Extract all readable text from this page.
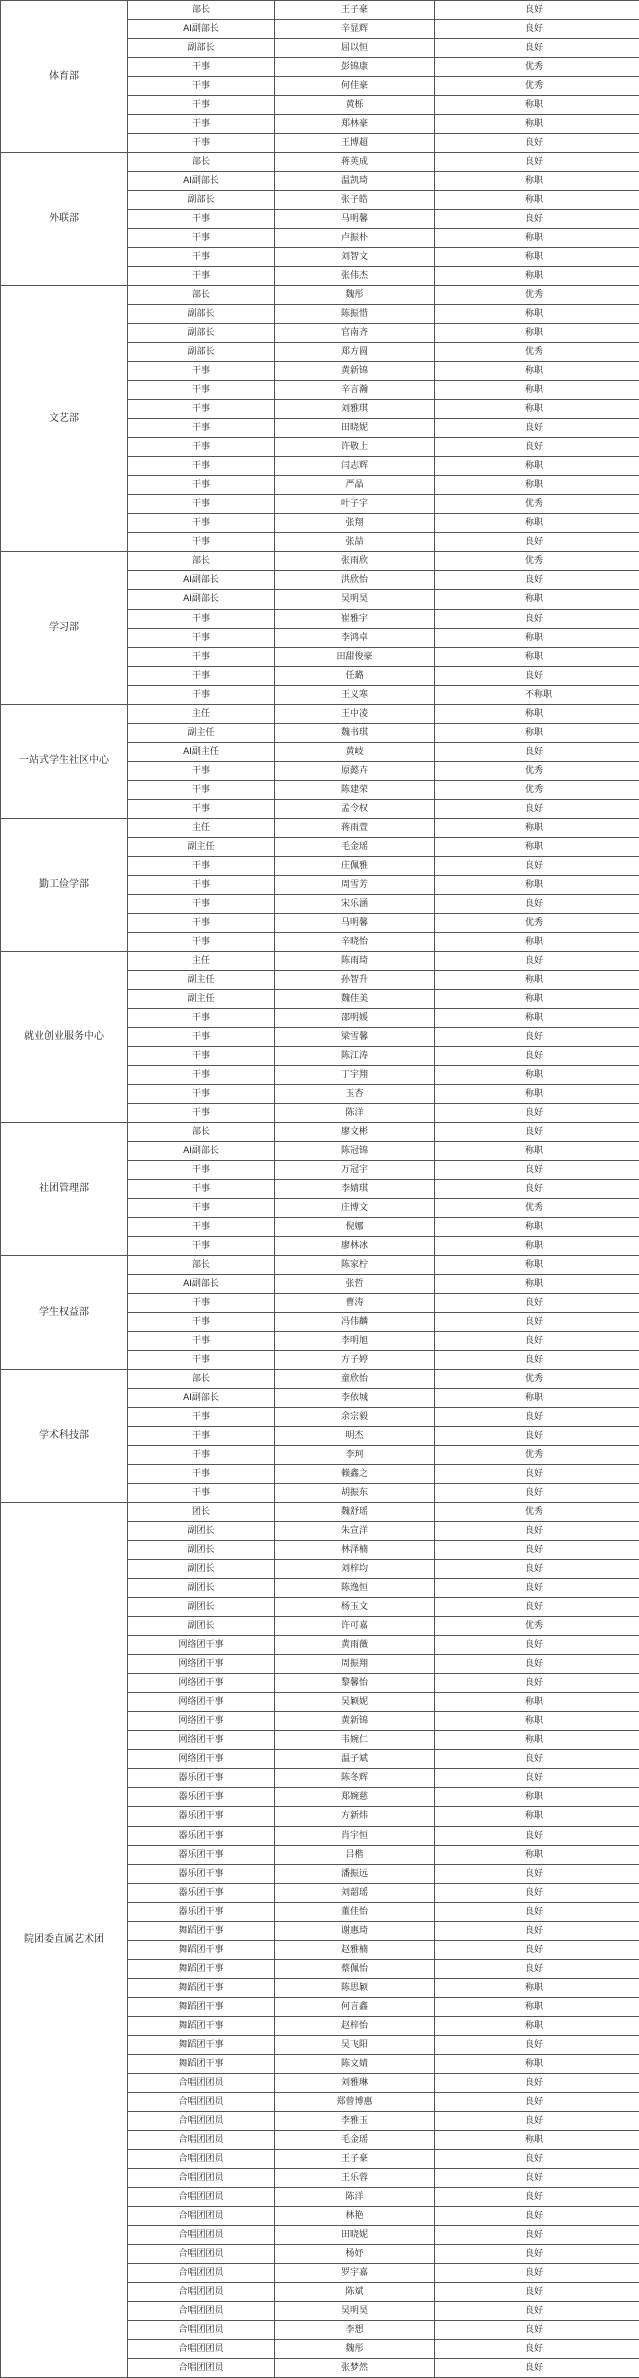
体育部	部长	王子豪	良好
	AI副部长	辛显辉	良好
	副部长	屈以恒	良好
	干事	彭锦康	优秀
	干事	何佳豪	优秀
	干事	黄栎	称职
	干事	郑林豪	称职
	干事	王博超	良好
外联部	部长	蒋英成	良好
	AI副部长	温凯琦	称职
	副部长	张子皓	称职
	干事	马明馨	良好
	干事	卢振朴	称职
	干事	刘智文	称职
	干事	张伟杰	称职
文艺部	部长	魏彤	优秀
	副部长	陈振惜	称职
	副部长	官南齐	称职
	副部长	郑方圆	优秀
	干事	黄新锦	称职
	干事	辛言瀚	称职
	干事	刘雅琪	称职
	干事	田晓妮	良好
	干事	许敬上	良好
	干事	闫志辉	称职
	干事	严晶	称职
	干事	叶子宇	优秀
	干事	张翔	称职
	干事	张喆	良好
学习部	部长	张雨欣	优秀
	AI副部长	洪欣怡	良好
	AI副部长	吴明昊	称职
	干事	崔雅宇	良好
	干事	李鸿卓	称职
	干事	田甜俊豪	称职
	干事	任璐	良好
	干事	王义寒	不称职
一站式学生社区中心	主任	王中凌	称职
	副主任	魏书琪	称职
	AI副主任	黄岐	良好
	干事	原懿卉	优秀
	干事	陈建荣	优秀
	干事	孟令权	良好
勤工俭学部	主任	蒋雨萱	称职
	副主任	毛金瑶	称职
	干事	庄佩雅	良好
	干事	周雪芳	称职
	干事	宋乐涵	良好
	干事	马明馨	优秀
	干事	辛晓怡	称职
就业创业服务中心	主任	陈雨琦	良好
	副主任	孙智升	称职
	副主任	魏佳美	称职
	干事	邵明媛	称职
	干事	梁雪馨	良好
	干事	陈江涛	良好
	干事	丁宇翔	称职
	干事	玉杏	称职
	干事	陈洋	良好
社团管理部	部长	廖文彬	良好
	AI副部长	陈冠锦	称职
	干事	万冠宇	良好
	干事	李婧琪	良好
	干事	庄博文	优秀
	干事	倪娜	称职
	干事	廖林冰	称职
学生权益部	部长	陈家柠	称职
	AI副部长	张哲	称职
	干事	曹涛	良好
	干事	冯伟麟	良好
	干事	李明旭	良好
	干事	方子婷	良好
学术科技部	部长	童欣怡	优秀
	AI副部长	李依城	称职
	干事	余宗毅	良好
	干事	明杰	良好
	干事	李珂	优秀
	干事	赖鑫之	良好
	干事	胡振东	良好
院团委直属艺术团	团长	魏舒瑶	优秀
	副团长	朱宣洋	良好
	副团长	林泽楠	良好
	副团长	刘梓均	良好
	副团长	陈逸恒	良好
	副团长	杨玉文	良好
	副团长	许可嘉	优秀
	网络团干事	黄雨薇	良好
	网络团干事	周振翔	良好
	网络团干事	黎馨怡	良好
	网络团干事	吴颖妮	称职
	网络团干事	黄新锦	称职
	网络团干事	韦婉仁	称职
	网络团干事	温子斌	良好
	器乐团干事	陈冬辉	良好
	器乐团干事	郑婉慈	称职
	器乐团干事	方新炜	称职
	器乐团干事	肖宇恒	良好
	器乐团干事	吕楷	称职
	器乐团干事	潘振远	良好
	器乐团干事	刘韶瑶	良好
	器乐团干事	董佳怡	良好
	舞蹈团干事	谢惠琦	良好
	舞蹈团干事	赵雅楠	良好
	舞蹈团干事	蔡佩怡	良好
	舞蹈团干事	陈思颖	称职
	舞蹈团干事	何言鑫	称职
	舞蹈团干事	赵梓怡	称职
	舞蹈团干事	吴飞阳	良好
	舞蹈团干事	陈文婧	称职
	合唱团团员	刘雅琳	良好
	合唱团团员	郑曾博惠	良好
	合唱团团员	李雅玉	良好
	合唱团团员	毛金瑶	称职
	合唱团团员	王子豪	良好
	合唱团团员	王乐蓉	良好
	合唱团团员	陈洋	良好
	合唱团团员	林艳	良好
	合唱团团员	田晓妮	良好
	合唱团团员	杨妤	良好
	合唱团团员	罗宇嘉	良好
	合唱团团员	陈斌	良好
	合唱团团员	吴明昊	良好
	合唱团团员	李想	良好
	合唱团团员	魏彤	良好
	合唱团团员	张梦然	良好
